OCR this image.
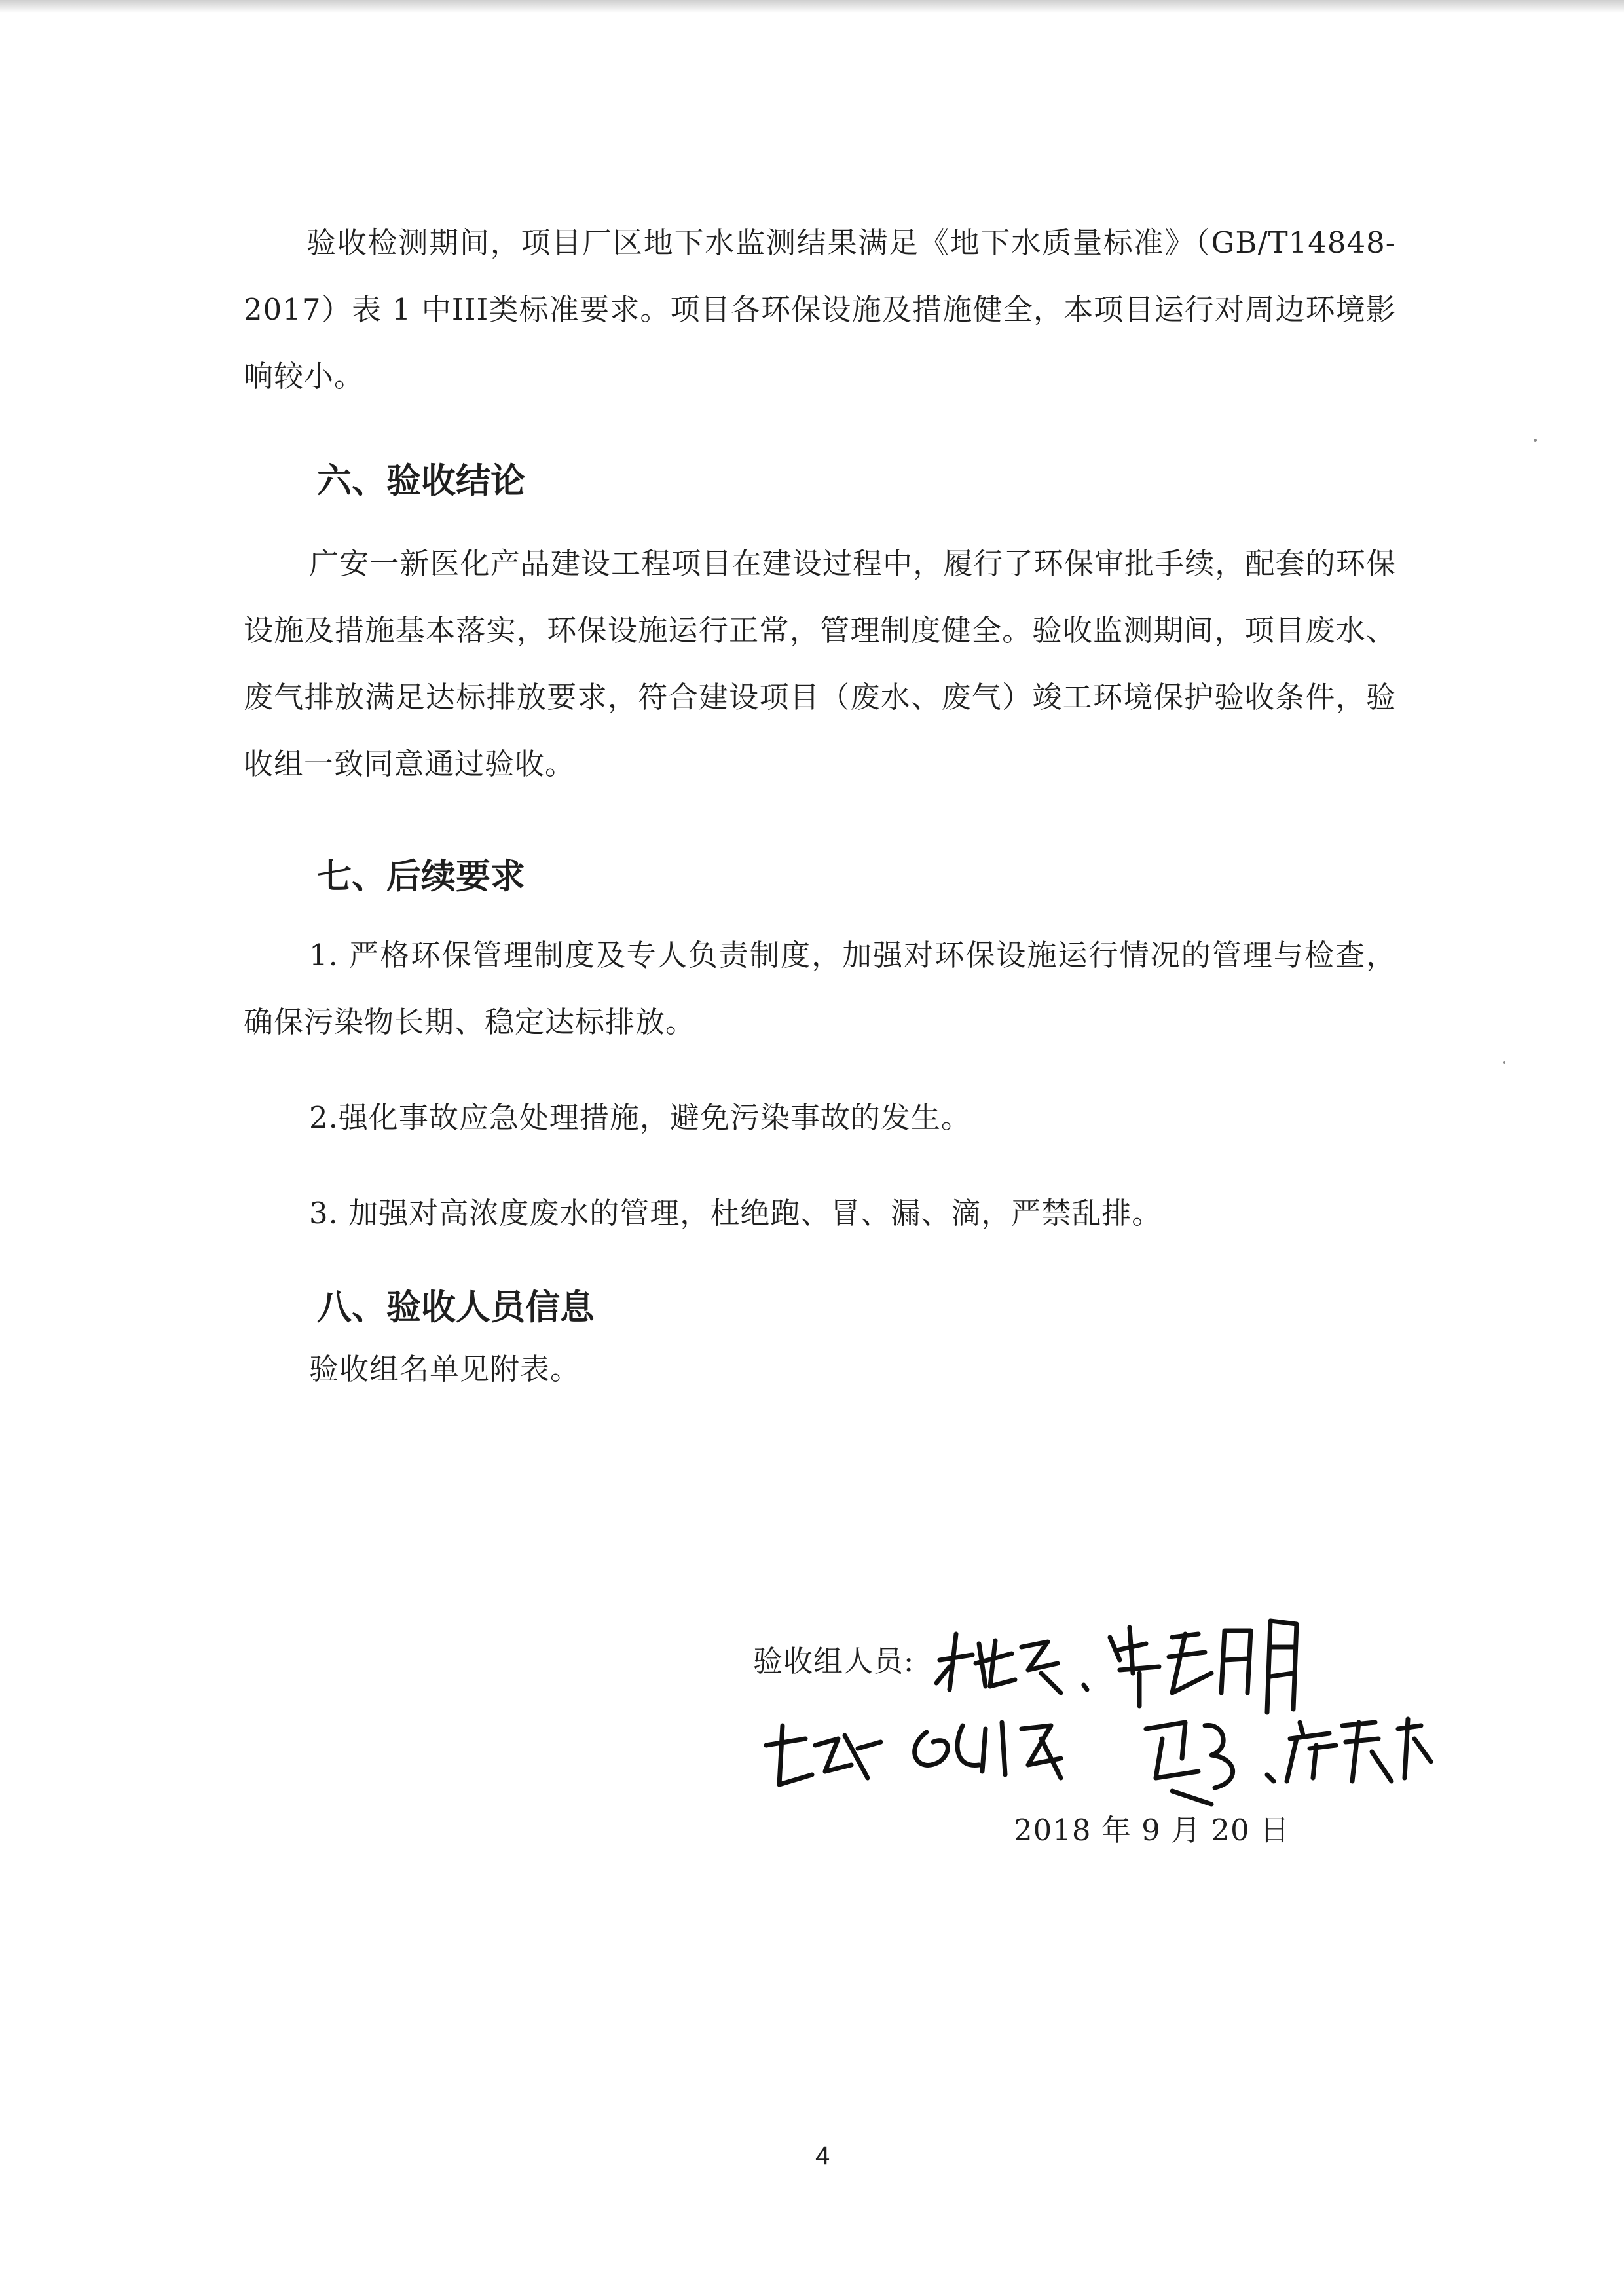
验收检测期间，项目厂区地下水监测结果满足《地下水质量标准》（GB/T14848-2017）表 1 中III类标准要求。项目各环保设施及措施健全，本项目运行对周边环境影响较小。

六、验收结论

广安一新医化产品建设工程项目在建设过程中，履行了环保审批手续，配套的环保设施及措施基本落实，环保设施运行正常，管理制度健全。验收监测期间，项目废水、废气排放满足达标排放要求，符合建设项目（废水、废气）竣工环境保护验收条件，验收组一致同意通过验收。

七、后续要求

1. 严格环保管理制度及专人负责制度，加强对环保设施运行情况的管理与检查，确保污染物长期、稳定达标排放。

2.强化事故应急处理措施，避免污染事故的发生。

3. 加强对高浓度废水的管理，杜绝跑、冒、漏、滴，严禁乱排。

八、验收人员信息

验收组名单见附表。

验收组人员:
2018 年 9 月 20 日
4
